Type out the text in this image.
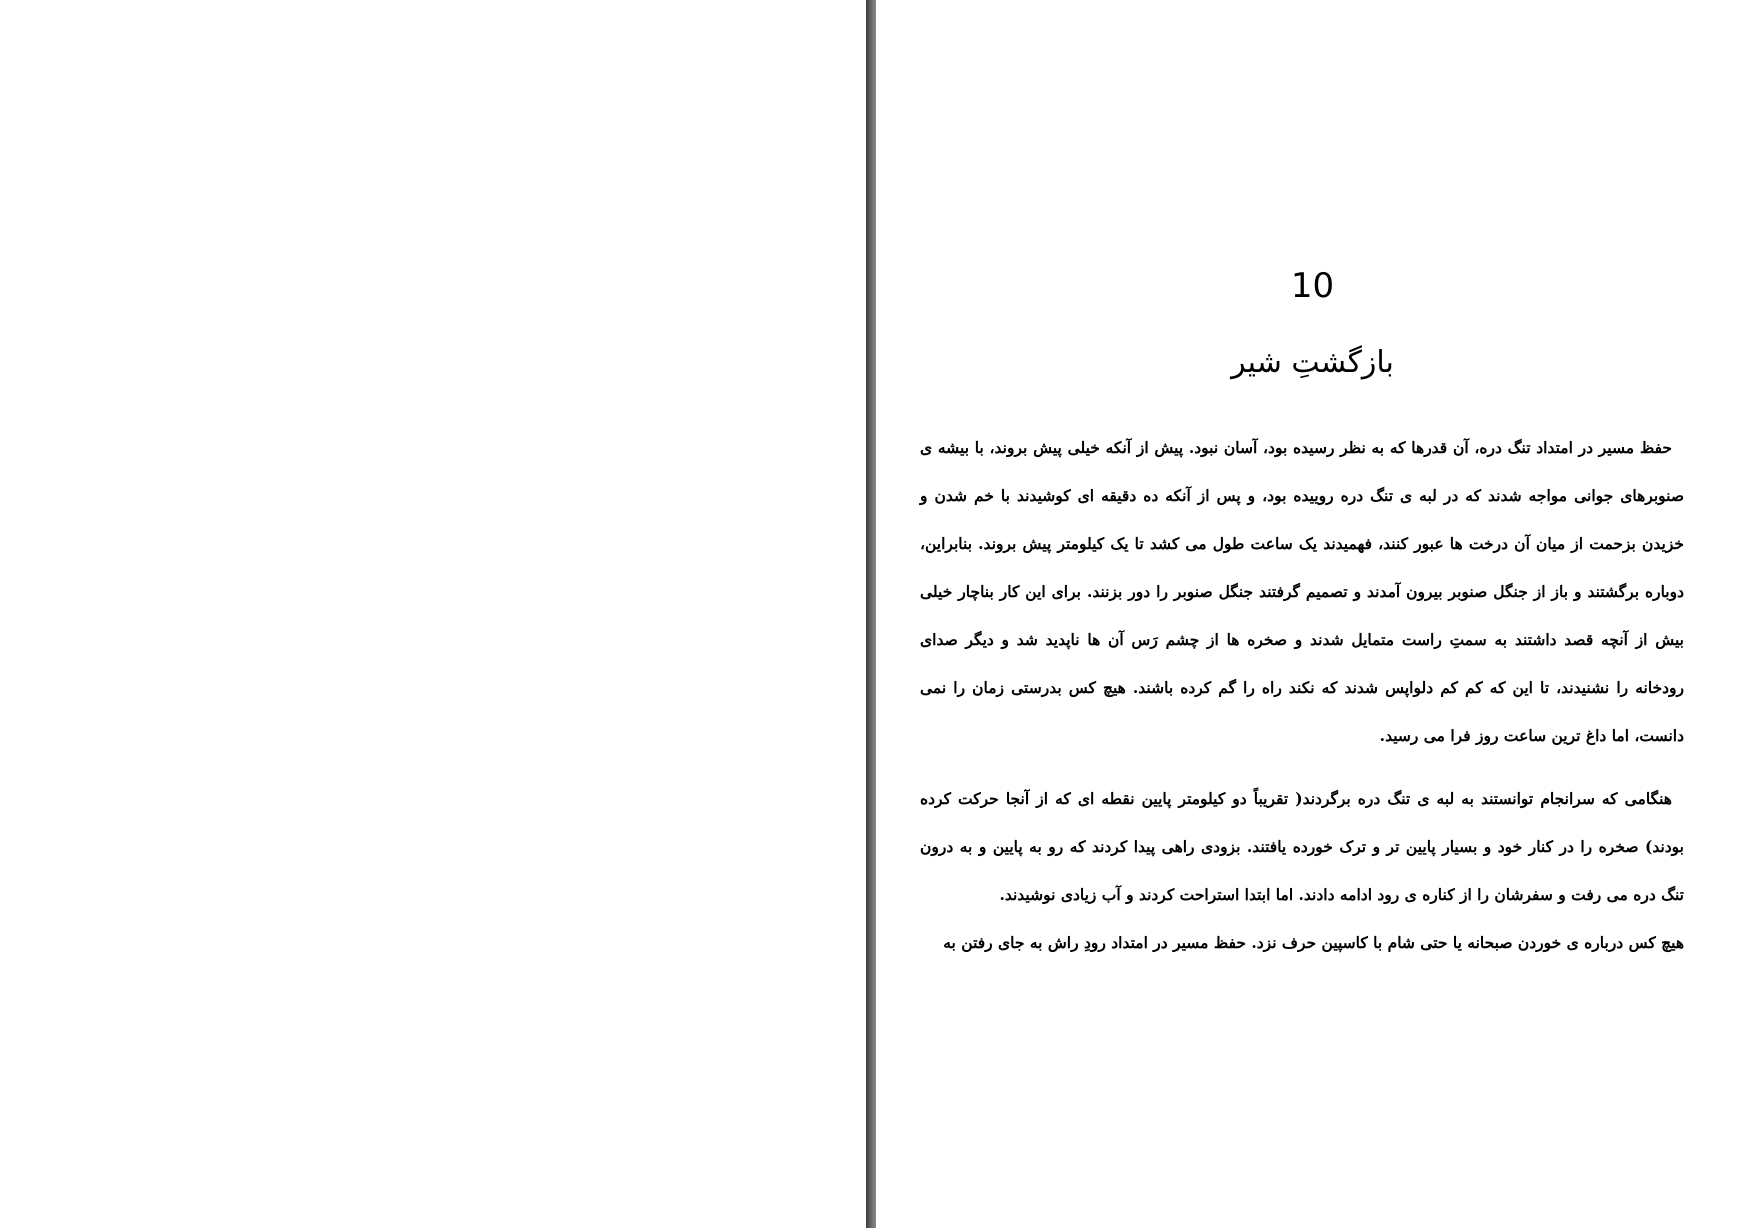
10
بازگشتِ شیر
حفظ مسیر در امتداد تنگ دره، آن قدرها که به نظر رسیده بود، آسان نبود. پیش از آنکه خیلی پیش بروند، با بیشه ی صنوبرهای جوانی مواجه شدند که در لبه ی تنگ دره روییده بود، و پس از آنکه ده دقیقه ای کوشیدند با خم شدن و خزیدن بزحمت از میان آن درخت ها عبور کنند، فهمیدند یک ساعت طول می کشد تا یک کیلومتر پیش بروند. بنابراین، دوباره برگشتند و باز از جنگل صنوبر بیرون آمدند و تصمیم گرفتند جنگل صنوبر را دور بزنند. برای این کار بناچار خیلی بیش از آنچه قصد داشتند به سمتِ راست متمایل شدند و صخره ها از چشم رَس آن ها ناپدید شد و دیگر صدای رودخانه را نشنیدند، تا این که کم کم دلواپس شدند که نکند راه را گم کرده باشند. هیچ کس بدرستی زمان را نمی دانست، اما داغ ترین ساعت روز فرا می رسید.
هنگامی که سرانجام توانستند به لبه ی تنگ دره برگردند( تقریباً دو کیلومتر پایین نقطه ای که از آنجا حرکت کرده بودند) صخره را در کنار خود و بسیار پایین تر و ترک خورده یافتند. بزودی راهی پیدا کردند که رو به پایین و به درون تنگ دره می رفت و سفرشان را از کناره ی رود ادامه دادند. اما ابتدا استراحت کردند و آب زیادی نوشیدند.
هیچ کس درباره ی خوردن صبحانه یا حتی شام با کاسپین حرف نزد. حفظ مسیر در امتداد رودِ راش به جای رفتن به
